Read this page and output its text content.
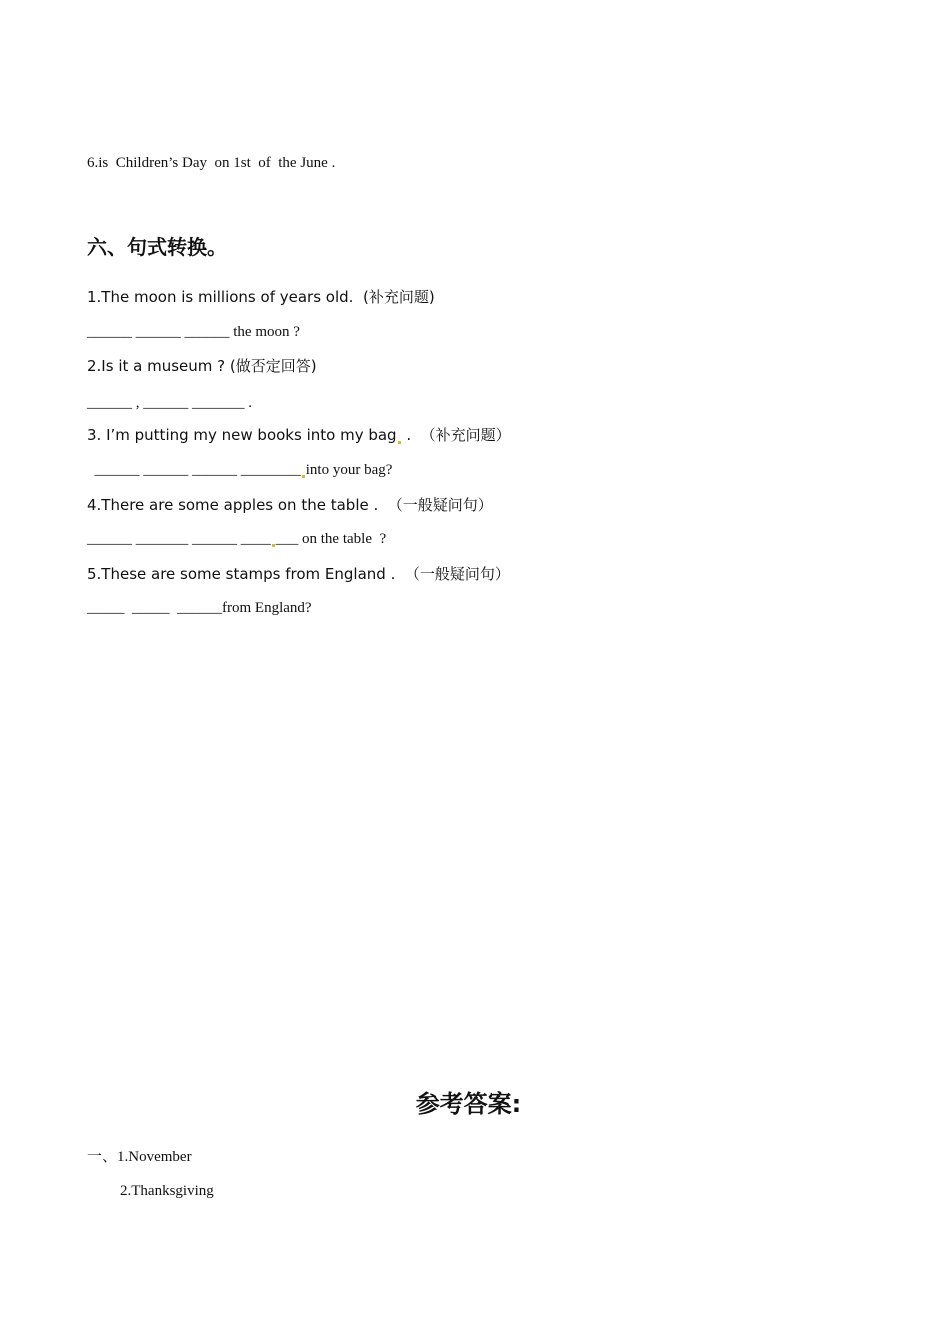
6.is  Children’s Day  on 1st  of  the June .
六、句式转换。
1.The moon is millions of years old.  (补充问题)
______ ______ ______ the moon ?
2.Is it a museum ? (做否定回答)
______ , ______ _______ .
3. I’m putting my new books into my bag .  （补充问题）
______ ______ ______ ________ into your bag?
4.There are some apples on the table .  （一般疑问句）
______ _______ ______ ____ ___ on the table  ?
5.These are some stamps from England .  （一般疑问句）
_____  _____  ______from England?
参考答案:
一、1.November
2.Thanksgiving
